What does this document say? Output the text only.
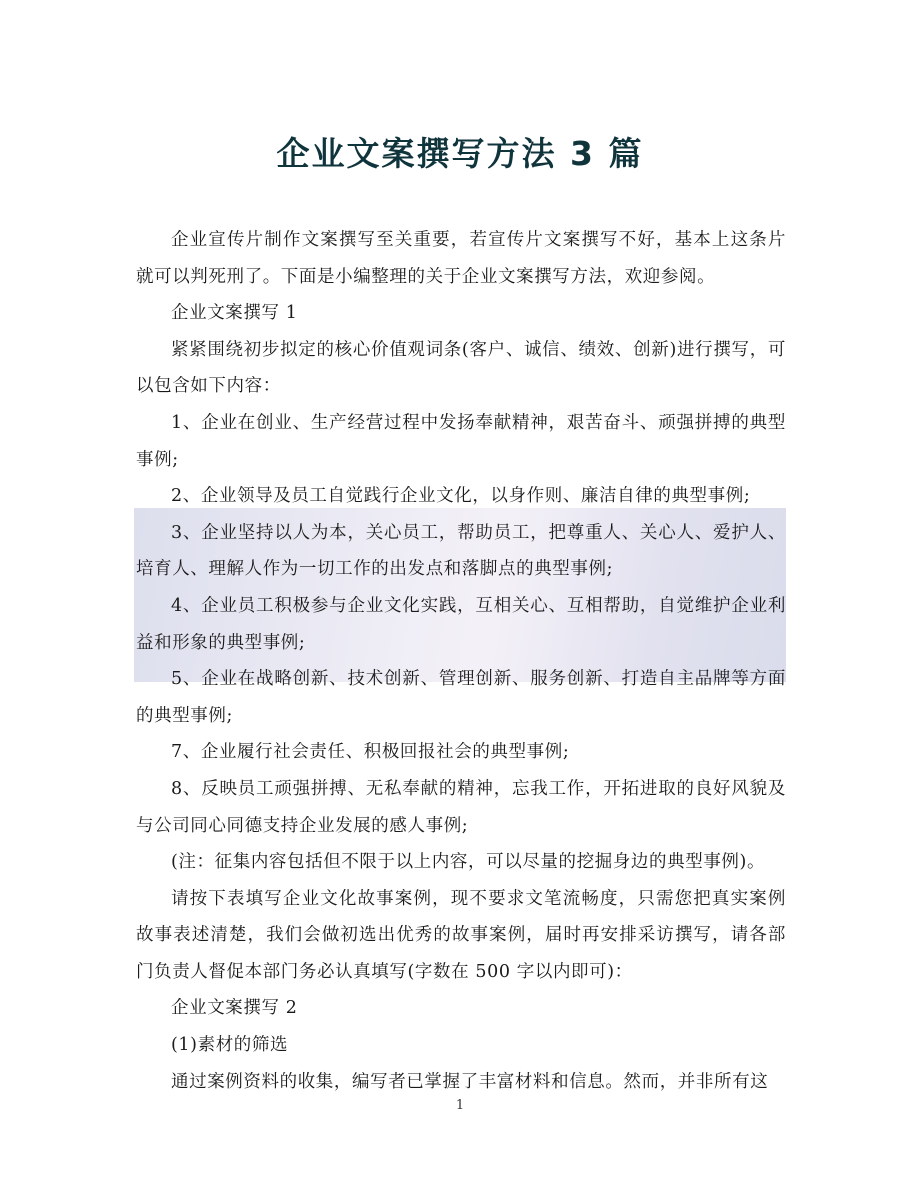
企业文案撰写方法 3 篇

企业宣传片制作文案撰写至关重要，若宣传片文案撰写不好，基本上这条片就可以判死刑了。下面是小编整理的关于企业文案撰写方法，欢迎参阅。

企业文案撰写 1

紧紧围绕初步拟定的核心价值观词条(客户、诚信、绩效、创新)进行撰写，可以包含如下内容：

1、企业在创业、生产经营过程中发扬奉献精神，艰苦奋斗、顽强拼搏的典型事例;

2、企业领导及员工自觉践行企业文化，以身作则、廉洁自律的典型事例;

3、企业坚持以人为本，关心员工，帮助员工，把尊重人、关心人、爱护人、培育人、理解人作为一切工作的出发点和落脚点的典型事例;

4、企业员工积极参与企业文化实践，互相关心、互相帮助，自觉维护企业利益和形象的典型事例;

5、企业在战略创新、技术创新、管理创新、服务创新、打造自主品牌等方面的典型事例;

7、企业履行社会责任、积极回报社会的典型事例;

8、反映员工顽强拼搏、无私奉献的精神，忘我工作，开拓进取的良好风貌及与公司同心同德支持企业发展的感人事例;

(注：征集内容包括但不限于以上内容，可以尽量的挖掘身边的典型事例)。

请按下表填写企业文化故事案例，现不要求文笔流畅度，只需您把真实案例故事表述清楚，我们会做初选出优秀的故事案例，届时再安排采访撰写，请各部门负责人督促本部门务必认真填写(字数在 500 字以内即可)：

企业文案撰写 2

(1)素材的筛选

通过案例资料的收集，编写者已掌握了丰富材料和信息。然而，并非所有这

1
